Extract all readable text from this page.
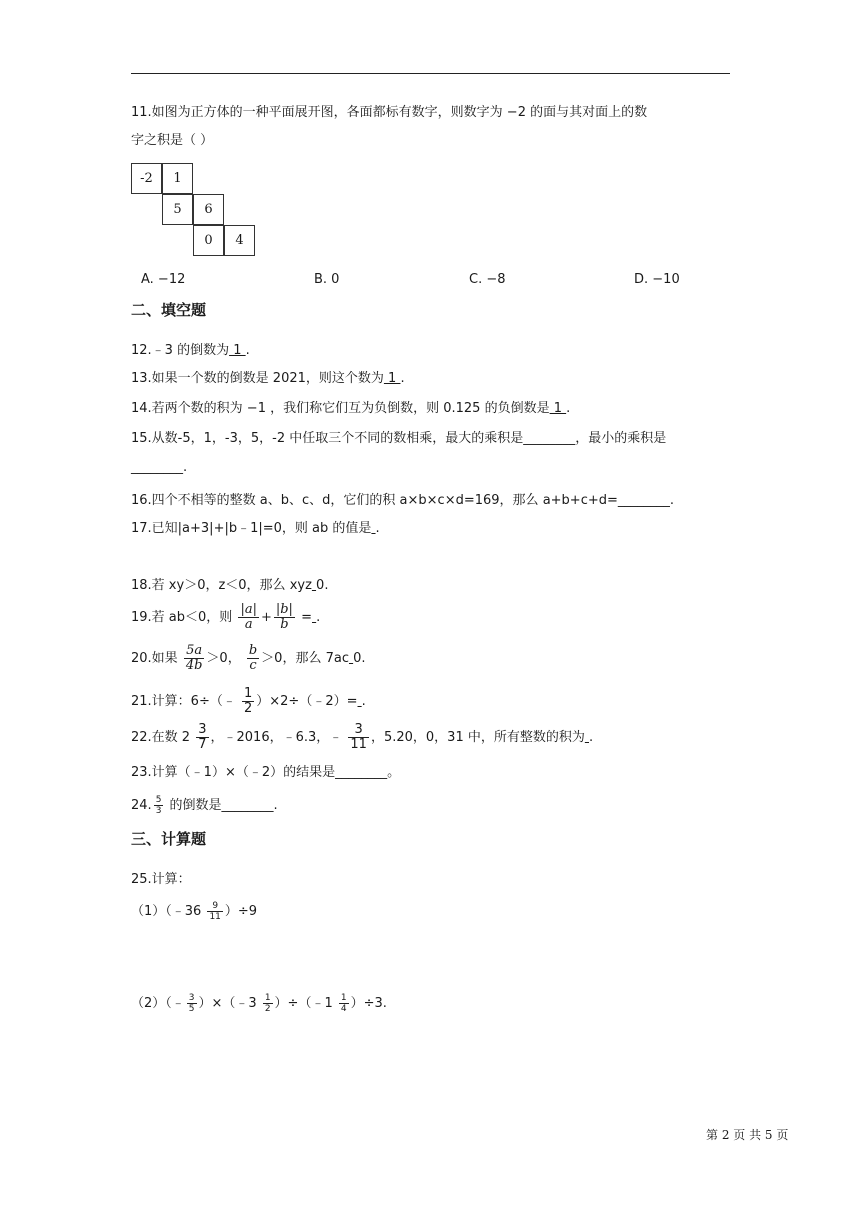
11.如图为正方体的一种平面展开图，各面都标有数字，则数字为 −2 的面与其对面上的数
字之积是（ ）
-2	1
5	6
0	4
A. −12	B. 0	C. −8	D. −10
二、填空题
12.﹣3 的倒数为 1 .
13.如果一个数的倒数是 2021，则这个数为 1 .
14.若两个数的积为 −1 ，我们称它们互为负倒数，则 0.125 的负倒数是 1 .
15.从数-5，1，-3，5，-2 中任取三个不同的数相乘，最大的乘积是________，最小的乘积是
________.
16.四个不相等的整数 a、b、c、d，它们的积 a×b×c×d=169，那么 a+b+c+d=________.
17.已知|a+3|+|b﹣1|=0，则 ab 的值是 .
18.若 xy＞0，z＜0，那么 xyz 0.
19.若 ab＜0，则 $\frac{|a|}{a} + \frac{|b|}{b}$ = .
20.如果 $\frac{5a}{4b} >0$， $\frac{b}{c} >0$，那么 7ac 0.
21.计算：6÷（﹣ $\frac{1}{2}$ ）×2÷（﹣2）= .
22.在数 $2 \frac{3}{7}$ ，﹣2016，﹣6.3，﹣ $\frac{3}{11}$ ，5.20，0，31 中，所有整数的积为 .
23.计算（﹣1）×（﹣2）的结果是________。
24. $\frac{5}{3}$ 的倒数是________.
三、计算题
25.计算：
（1）（﹣36 $\frac{9}{11} )\div 9$
（2）（﹣ $\frac{3}{5}$ ）×（﹣3 $\frac{1}{2}$ ）÷（﹣1 $\frac{1}{4} )\div 3$.
第 2 页 共 5 页
